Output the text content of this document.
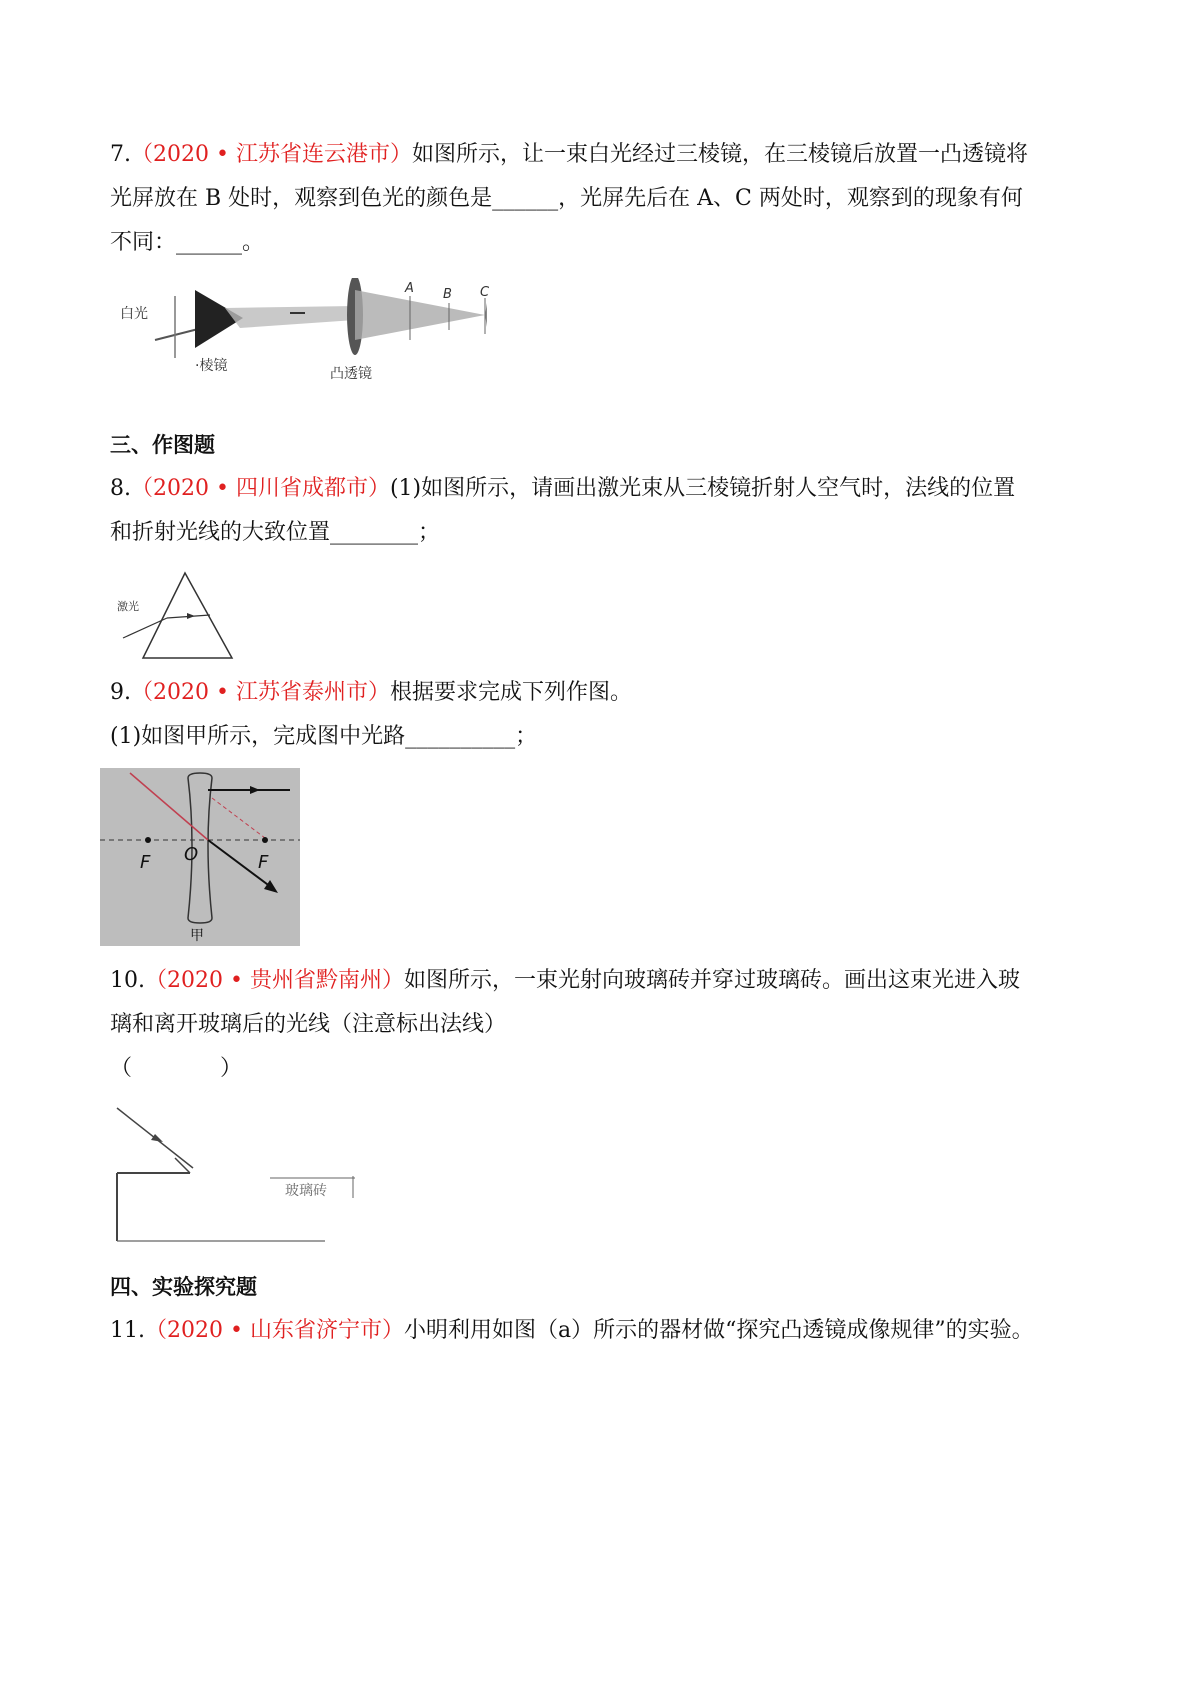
7.（2020 • 江苏省连云港市）如图所示，让一束白光经过三棱镜，在三棱镜后放置一凸透镜将
光屏放在 B 处时，观察到色光的颜色是______，光屏先后在 A、C 两处时，观察到的现象有何
不同：______。
白光
·棱镜	凸透镜
A B C
三、作图题
8.（2020 • 四川省成都市）(1)如图所示，请画出激光束从三棱镜折射人空气时，法线的位置
和折射光线的大致位置________；
激光
9.（2020 • 江苏省泰州市）根据要求完成下列作图。
(1)如图甲所示，完成图中光路__________；
F O	F
甲
10.（2020 • 贵州省黔南州）如图所示，一束光射向玻璃砖并穿过玻璃砖。画出这束光进入玻
璃和离开玻璃后的光线（注意标出法线）
（　　　　）
玻璃砖
四、实验探究题
11.（2020 • 山东省济宁市）小明利用如图（a）所示的器材做“探究凸透镜成像规律”的实验。
